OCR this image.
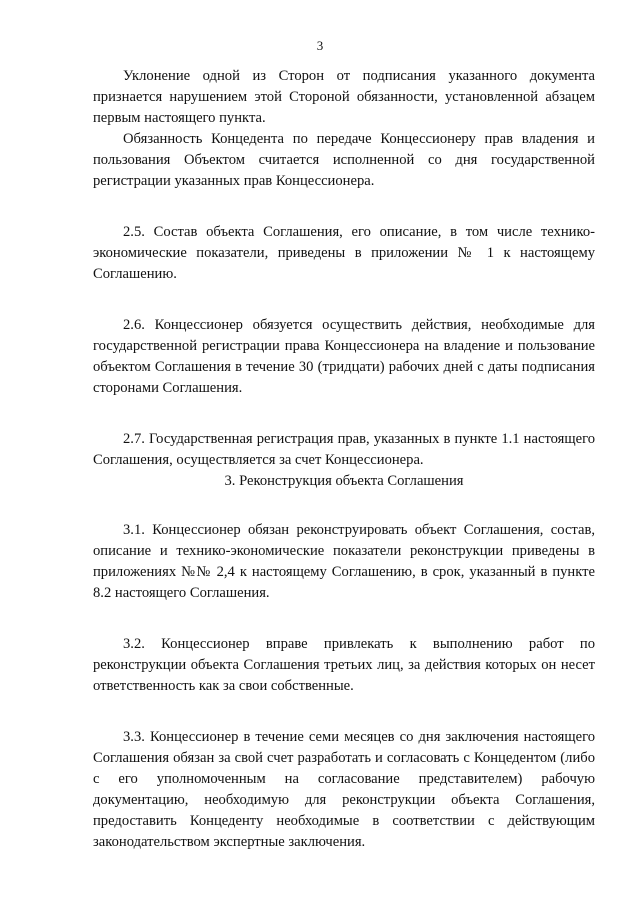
3

Уклонение одной из Сторон от подписания указанного документа признается нарушением этой Стороной обязанности, установленной абзацем первым настоящего пункта.

Обязанность Концедента по передаче Концессионеру прав владения и пользования Объектом считается исполненной со дня государственной регистрации указанных прав Концессионера.

2.5. Состав объекта Соглашения, его описание, в том числе технико-экономические показатели, приведены в приложении № 1 к настоящему Соглашению.

2.6. Концессионер обязуется осуществить действия, необходимые для государственной регистрации права Концессионера на владение и пользование объектом Соглашения в течение 30 (тридцати) рабочих дней с даты подписания сторонами Соглашения.

2.7. Государственная регистрация прав, указанных в пункте 1.1 настоящего Соглашения, осуществляется за счет Концессионера.

3. Реконструкция объекта Соглашения

3.1. Концессионер обязан реконструировать объект Соглашения, состав, описание и технико-экономические показатели реконструкции приведены в приложениях №№ 2,4 к настоящему Соглашению, в срок, указанный в пункте 8.2 настоящего Соглашения.

3.2. Концессионер вправе привлекать к выполнению работ по реконструкции объекта Соглашения третьих лиц, за действия которых он несет ответственность как за свои собственные.

3.3. Концессионер в течение семи месяцев со дня заключения настоящего Соглашения обязан за свой счет разработать и согласовать с Концедентом (либо с его уполномоченным на согласование представителем) рабочую документацию, необходимую для реконструкции объекта Соглашения, предоставить Концеденту необходимые в соответствии с действующим законодательством экспертные заключения.
